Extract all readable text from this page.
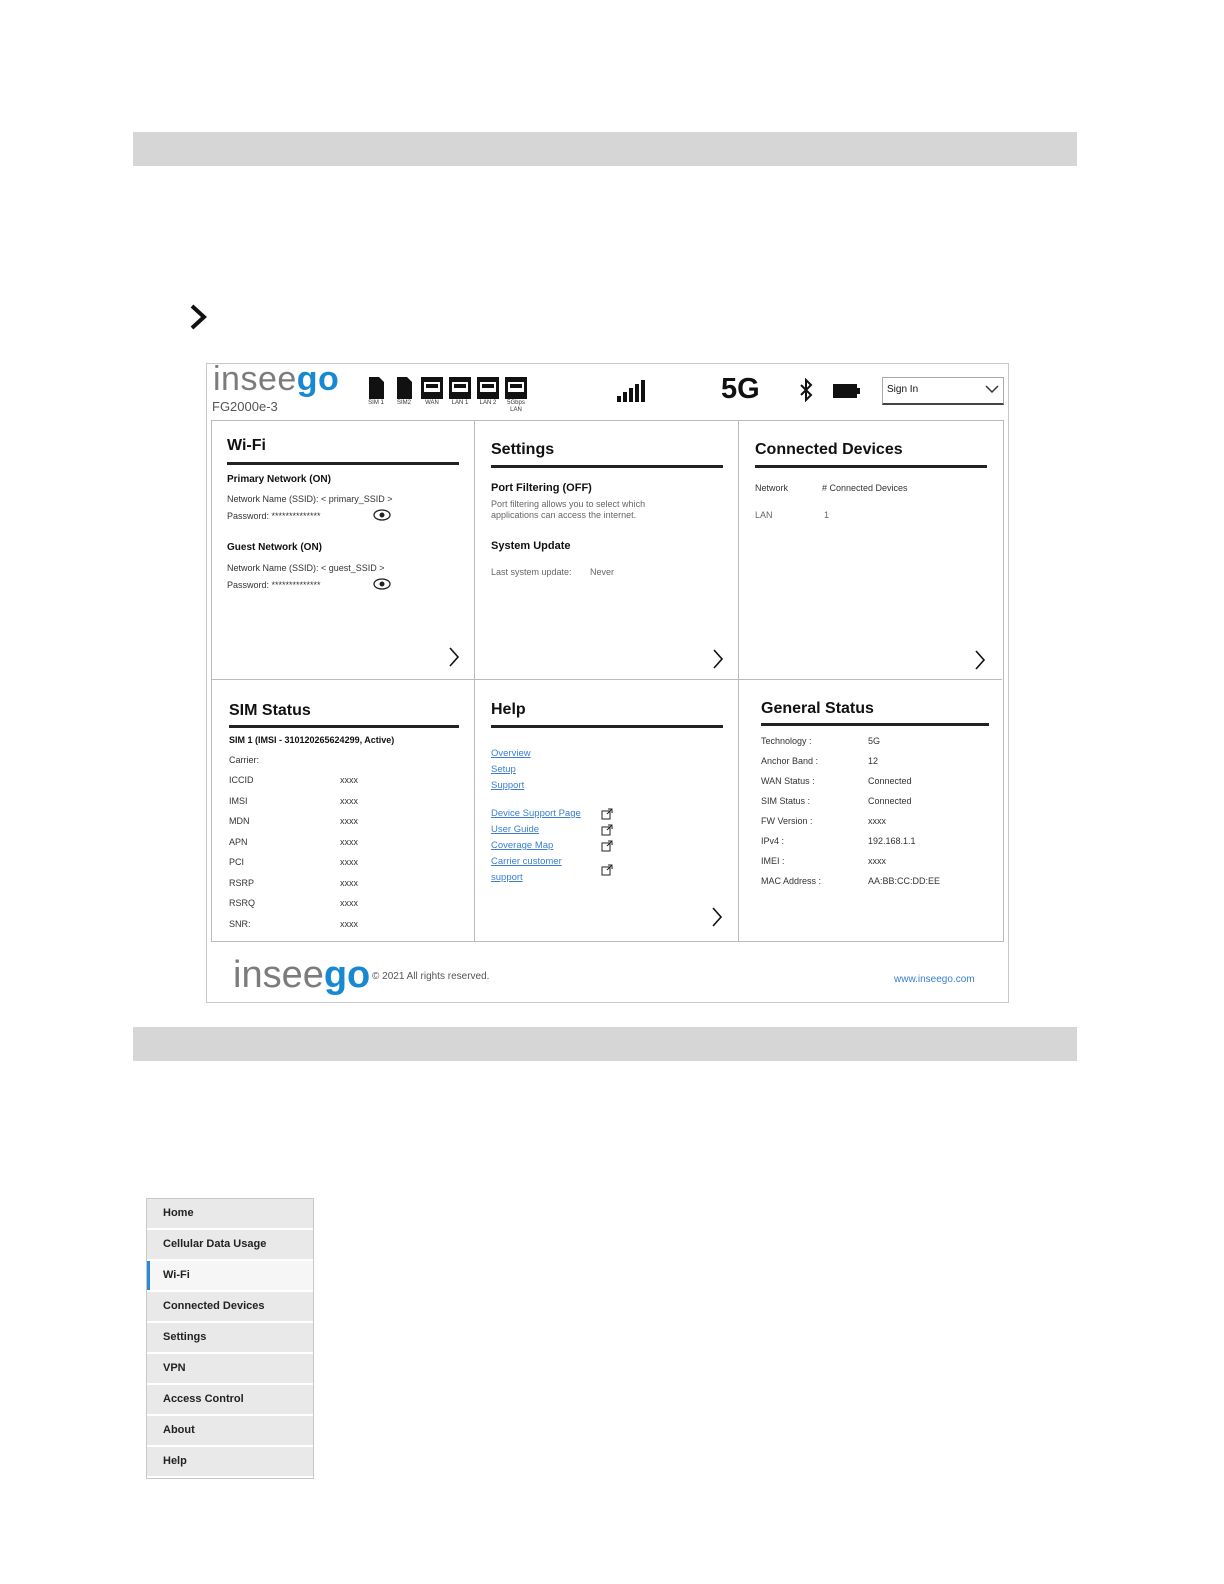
inseego
FG2000e-3	SIM 1 SIM2 WAN LAN 1 LAN 2 5Gbps
LAN
5G	Sign In
Wi-Fi
Primary Network (ON)
Network Name (SSID): < primary_SSID >
Password: **************
Guest Network (ON)
Network Name (SSID): < guest_SSID >
Password: **************
Settings
Port Filtering (OFF)
Port filtering allows you to select which
applications can access the internet.
System Update
Last system update: Never
Connected Devices
Network	# Connected Devices
LAN	1
SIM Status
SIM 1 (IMSI - 310120265624299, Active)
Carrier:
ICCID	xxxx
IMSI	xxxx
MDN	xxxx
APN	xxxx
PCI	xxxx
RSRP	xxxx
RSRQ	xxxx
SNR:	xxxx
Help
Overview
Setup
Support
Device Support Page
User Guide
Coverage Map
Carrier customer
support
General Status
Technology :	5G
Anchor Band :	12
WAN Status :	Connected
SIM Status :	Connected
FW Version :	xxxx
IPv4 :	192.168.1.1
IMEI :	xxxx
MAC Address :	AA:BB:CC:DD:EE
inseego © 2021 All rights reserved.	www.inseego.com
Home
Cellular Data Usage
Wi-Fi
Connected Devices
Settings
VPN
Access Control
About
Help
